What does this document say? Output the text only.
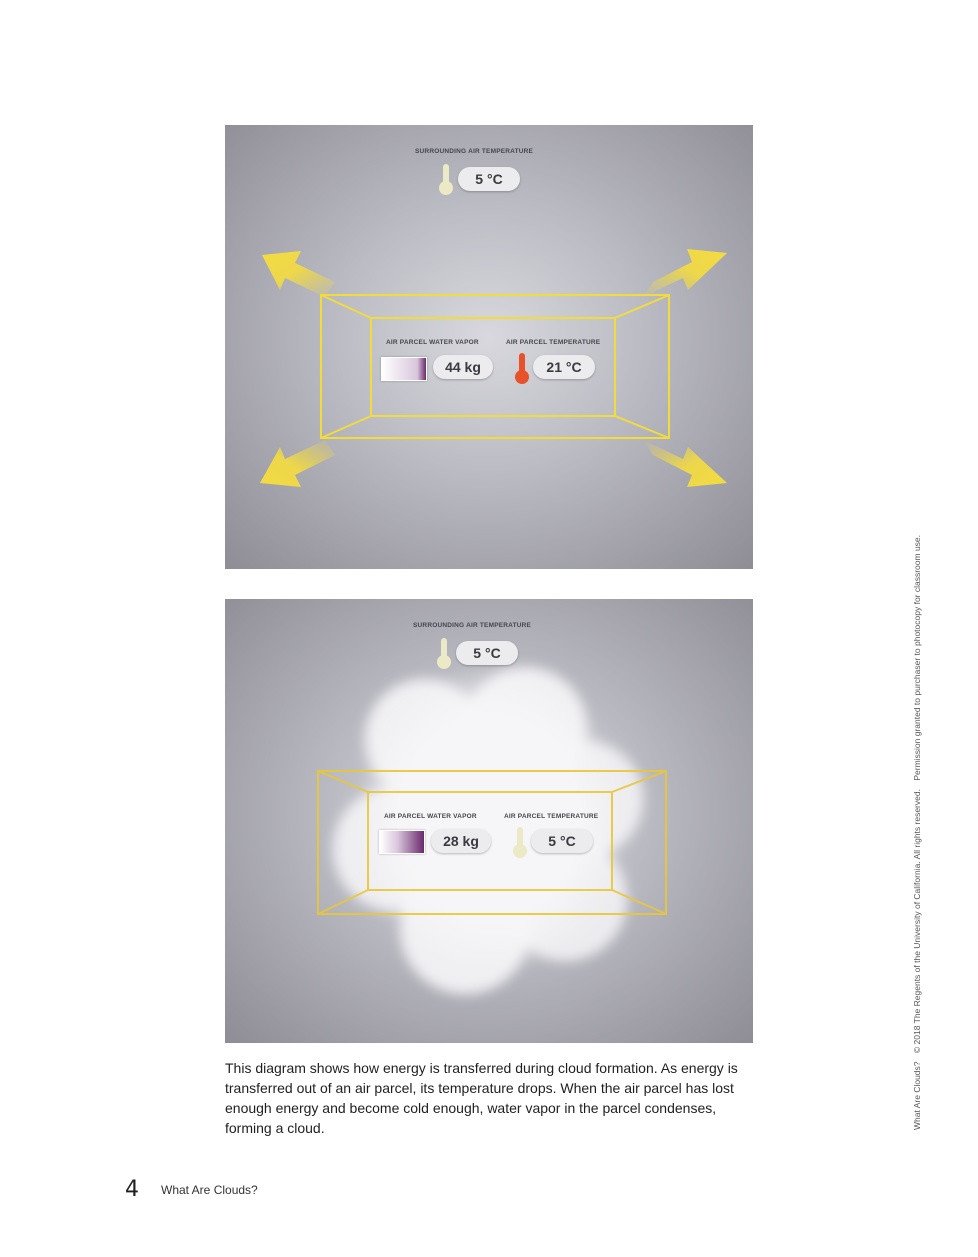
SURROUNDING AIR TEMPERATURE
5 °C
AIR PARCEL WATER VAPOR
44 kg
AIR PARCEL TEMPERATURE
21 °C
SURROUNDING AIR TEMPERATURE
5 °C
AIR PARCEL WATER VAPOR
28 kg
AIR PARCEL TEMPERATURE
5 °C

This diagram shows how energy is transferred during cloud formation. As energy is transferred out of an air parcel, its temperature drops. When the air parcel has lost enough energy and become cold enough, water vapor in the parcel condenses, forming a cloud.

4 What Are Clouds?
What Are Clouds? © 2018 The Regents of the University of California. All rights reserved. Permission granted to purchaser to photocopy for classroom use.
